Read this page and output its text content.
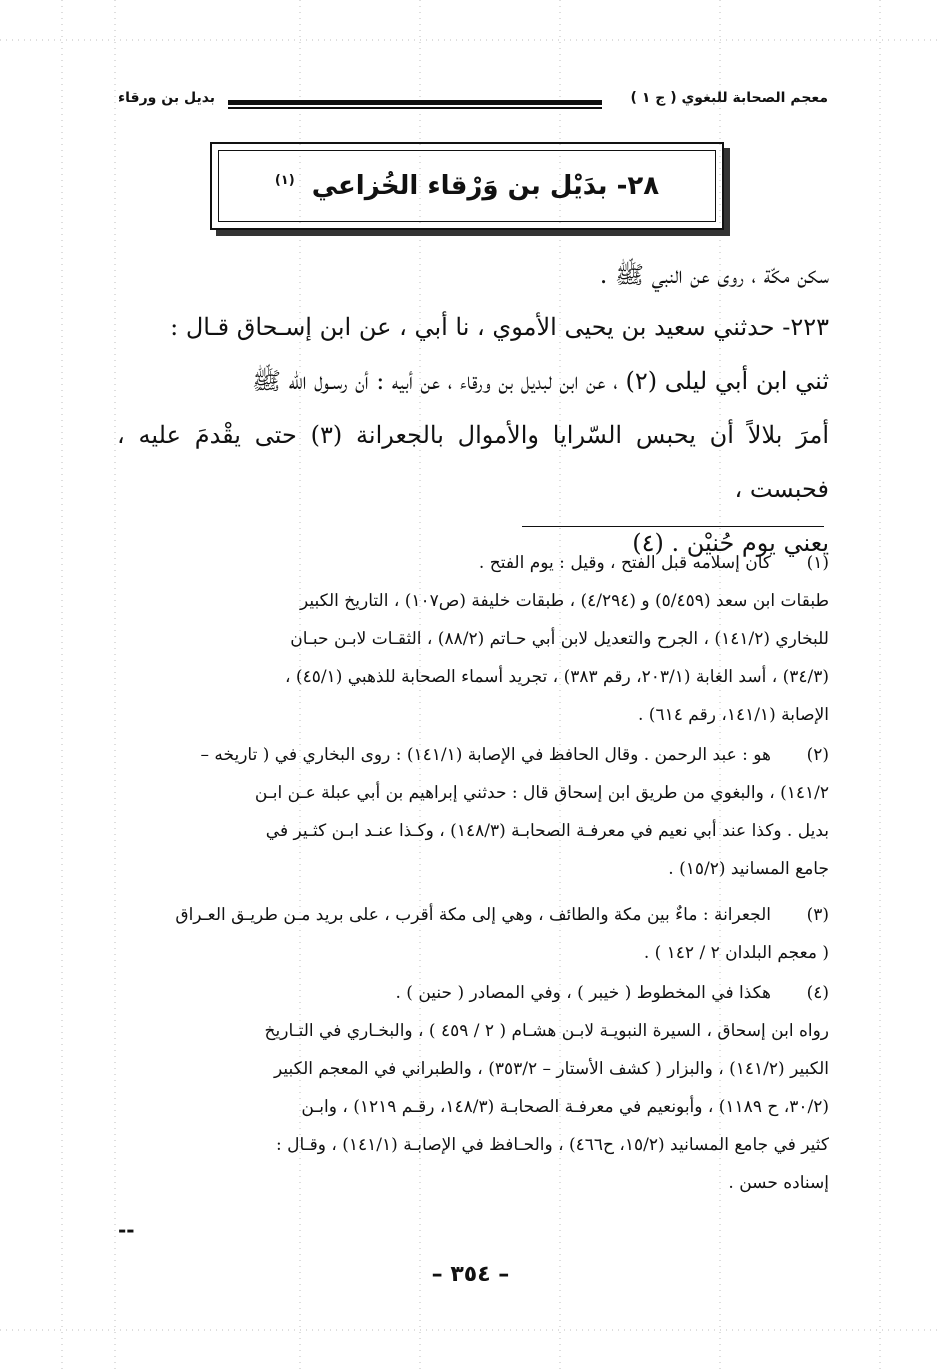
بديل بن ورقاء	معجم الصحابة للبغوي ( ج ١ )
٢٨- بدَيْل بن وَرْقاء الخُزاعي $^{(١)}$
سكن مكّة ، روى عن النبي ﷺ .
٢٢٣- حدثني سعيد بن يحيى الأموي ، نا أبي ، عن ابن إسـحاق قـال :
ثني ابن أبي ليلى (٢) ، عن ابن لبديل بن ورقاء ، عن أبيه : أن رسـول الله ﷺ
أمرَ بلالاً أن يحبس السّرايا والأموال بالجعرانة (٣) حتى يقْدمَ عليه ، فحبست ،
يعني يوم حُنيْن . (٤)
(١)
كان إسلامه قبل الفتح ، وقيل : يوم الفتح .
طبقات ابن سعد (٥/٤٥٩) و (٤/٢٩٤) ، طبقات خليفة (ص١٠٧) ، التاريخ الكبير
للبخاري (١٤١/٢) ، الجرح والتعديل لابن أبي حـاتم (٨٨/٢) ، الثقـات لابـن حبـان
(٣٤/٣) ، أسد الغابة (٢٠٣/١، رقم ٣٨٣) ، تجريد أسماء الصحابة للذهبي (٤٥/١) ،
الإصابة (١٤١/١، رقم ٦١٤) .
(٢)
هو : عبد الرحمن . وقال الحافظ في الإصابة (١٤١/١) : روى البخاري في ( تاريخه –
١٤١/٢) ، والبغوي من طريق ابن إسحاق قال : حدثني إبراهيم بن أبي عبلة عـن ابـن
بديل . وكذا عند أبي نعيم في معرفـة الصحابـة (١٤٨/٣) ، وكـذا عنـد ابـن كثـير في
جامع المسانيد (١٥/٢) .
(٣)
الجعرانة : ماءٌ بين مكة والطائف ، وهي إلى مكة أقرب ، على بريد مـن طريـق العـراق
( معجم البلدان ٢ / ١٤٢ ) .
(٤)
هكذا في المخطوط ( خيبر ) ، وفي المصادر ( حنين ) .
رواه ابن إسحاق ، السيرة النبويـة لابـن هشـام ( ٢ / ٤٥٩ ) ، والبخـاري في التـاريخ
الكبير (١٤١/٢) ، والبزار ( كشف الأستار – ٣٥٣/٢) ، والطبراني في المعجم الكبير
(٣٠/٢، ح ١١٨٩) ، وأبونعيم في معرفـة الصحابـة (١٤٨/٣، رقـم ١٢١٩) ، وابـن
كثير في جامع المسانيد (١٥/٢، ح٤٦٦) ، والحـافظ في الإصابـة (١٤١/١) ، وقـال :
إسناده حسن .
--
– ٣٥٤ –
